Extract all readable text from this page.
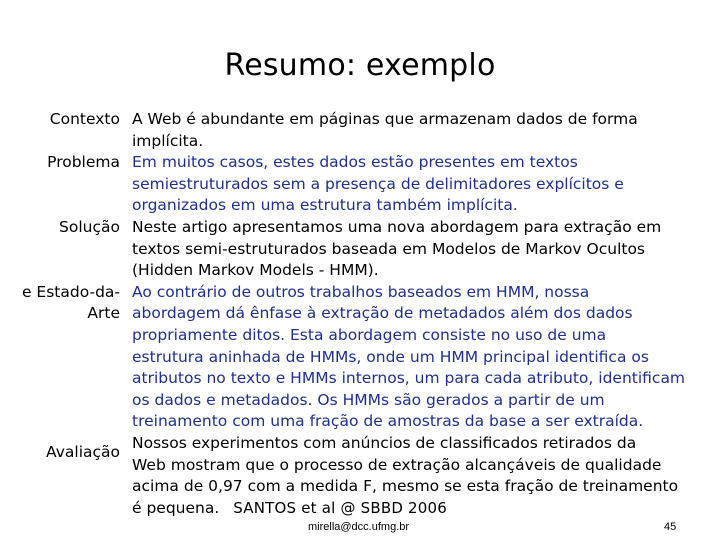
Resumo: exemplo
Contexto
Problema
Solução
e Estado-da-
Arte
Avaliação
A Web é abundante em páginas que armazenam dados de forma
implícita.
Em muitos casos, estes dados estão presentes em textos
semiestruturados sem a presença de delimitadores explícitos e
organizados em uma estrutura também implícita.
Neste artigo apresentamos uma nova abordagem para extração em
textos semi-estruturados baseada em Modelos de Markov Ocultos
(Hidden Markov Models - HMM).
Ao contrário de outros trabalhos baseados em HMM, nossa
abordagem dá ênfase à extração de metadados além dos dados
propriamente ditos. Esta abordagem consiste no uso de uma
estrutura aninhada de HMMs, onde um HMM principal identifica os
atributos no texto e HMMs internos, um para cada atributo, identificam
os dados e metadados. Os HMMs são gerados a partir de um
treinamento com uma fração de amostras da base a ser extraída.
Nossos experimentos com anúncios de classificados retirados da
Web mostram que o processo de extração alcançáveis de qualidade
acima de 0,97 com a medida F, mesmo se esta fração de treinamento
é pequena. SANTOS et al @ SBBD 2006
mirella@dcc.ufmg.br	45
